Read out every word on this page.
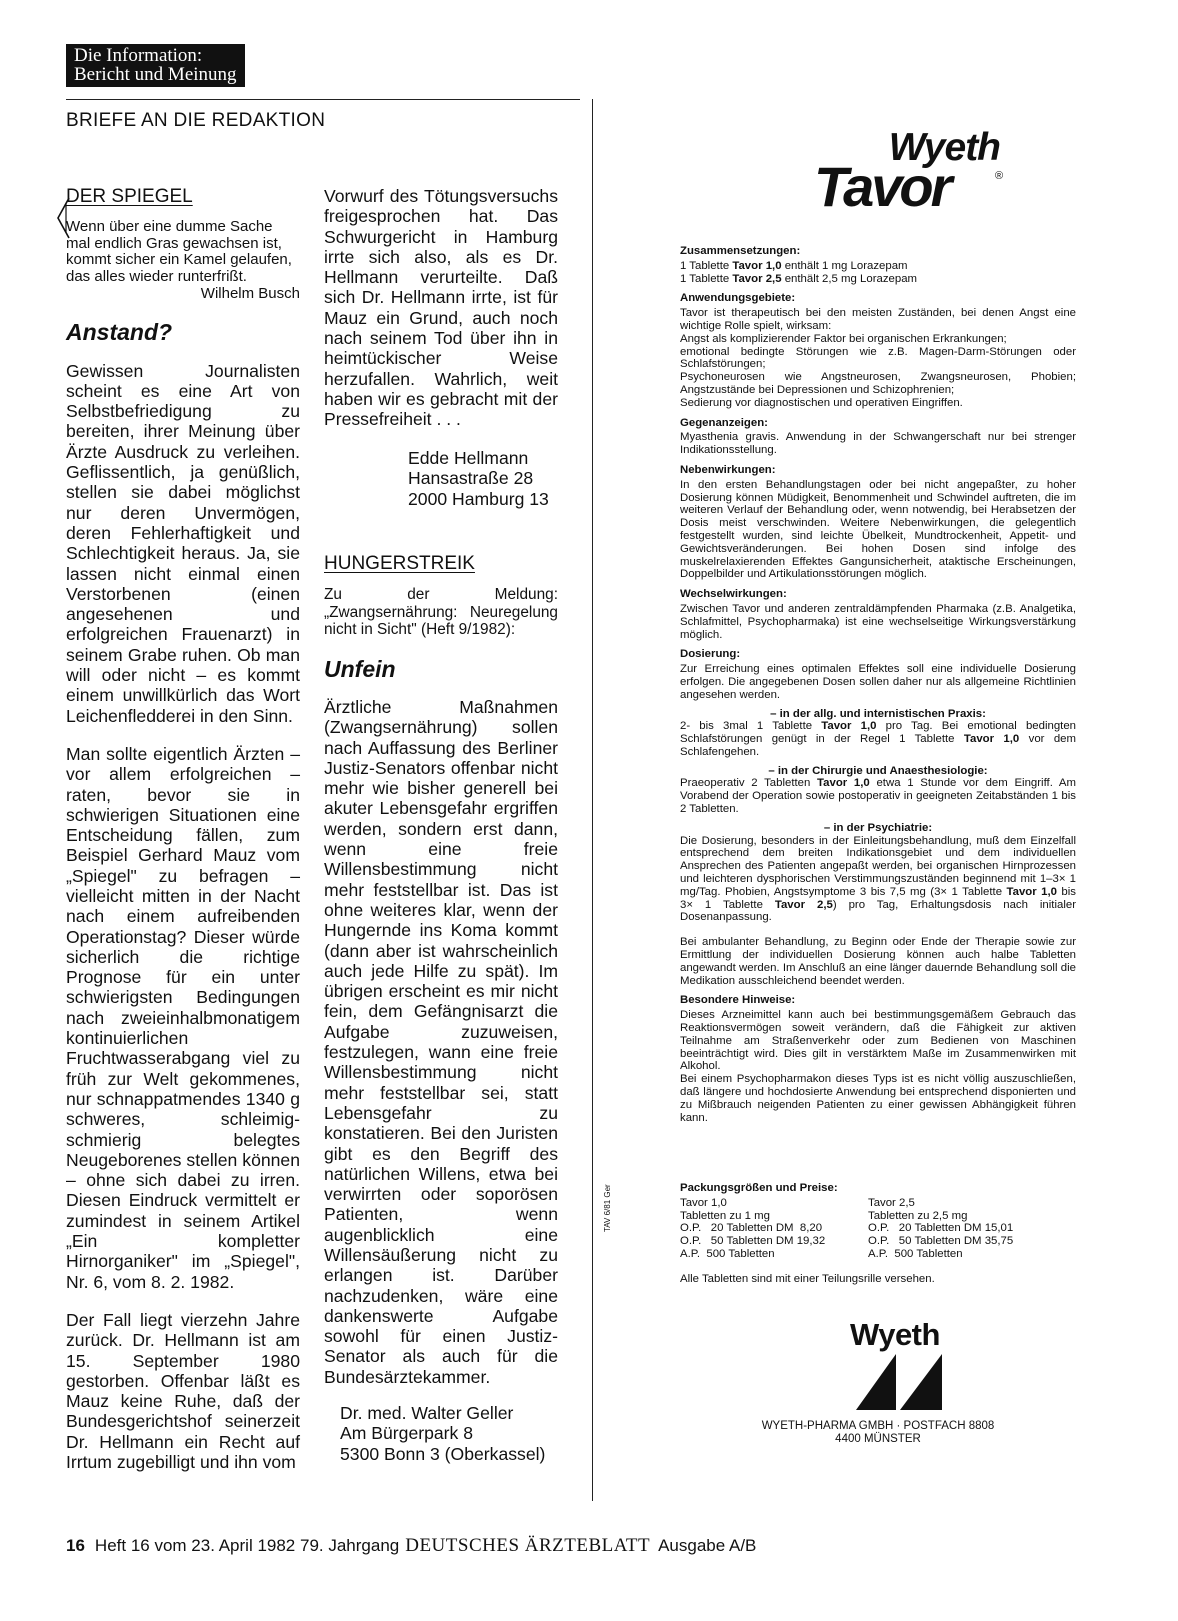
Die Information:
Bericht und Meinung
BRIEFE AN DIE REDAKTION
DER SPIEGEL
Wenn über eine dumme Sache mal endlich Gras gewachsen ist, kommt sicher ein Kamel gelaufen, das alles wieder runterfrißt.
Wilhelm Busch
Anstand?

Gewissen Journalisten scheint es eine Art von Selbstbefriedigung zu bereiten, ihrer Meinung über Ärzte Ausdruck zu verleihen. Geflissentlich, ja genüßlich, stellen sie dabei möglichst nur deren Unvermögen, deren Fehlerhaftigkeit und Schlechtigkeit heraus. Ja, sie lassen nicht einmal einen Verstorbenen (einen angesehenen und erfolgreichen Frauenarzt) in seinem Grabe ruhen. Ob man will oder nicht – es kommt einem unwillkürlich das Wort Leichenfledderei in den Sinn.

Man sollte eigentlich Ärzten – vor allem erfolgreichen – raten, bevor sie in schwierigen Situationen eine Entscheidung fällen, zum Beispiel Gerhard Mauz vom „Spiegel" zu befragen – vielleicht mitten in der Nacht nach einem aufreibenden Operationstag? Dieser würde sicherlich die richtige Prognose für ein unter schwierigsten Bedingungen nach zweieinhalbmonatigem kontinuierlichen Fruchtwasserabgang viel zu früh zur Welt gekommenes, nur schnappatmendes 1340 g schweres, schleimig-schmierig belegtes Neugeborenes stellen können – ohne sich dabei zu irren. Diesen Eindruck vermittelt er zumindest in seinem Artikel „Ein kompletter Hirnorganiker" im „Spiegel", Nr. 6, vom 8. 2. 1982.

Der Fall liegt vierzehn Jahre zurück. Dr. Hellmann ist am 15. September 1980 gestorben. Offenbar läßt es Mauz keine Ruhe, daß der Bundesgerichtshof seinerzeit Dr. Hellmann ein Recht auf Irrtum zugebilligt und ihn vom

Edde Hellmann
Hansastraße 28
2000 Hamburg 13
HUNGERSTREIK
Zu der Meldung: „Zwangsernährung: Neuregelung nicht in Sicht" (Heft 9/1982):
Unfein

Ärztliche Maßnahmen (Zwangsernährung) sollen nach Auffassung des Berliner Justiz-Senators offenbar nicht mehr wie bisher generell bei akuter Lebensgefahr ergriffen werden, sondern erst dann, wenn eine freie Willensbestimmung nicht mehr feststellbar ist. Das ist ohne weiteres klar, wenn der Hungernde ins Koma kommt (dann aber ist wahrscheinlich auch jede Hilfe zu spät). Im übrigen erscheint es mir nicht fein, dem Gefängnisarzt die Aufgabe zuzuweisen, festzulegen, wann eine freie Willensbestimmung nicht mehr feststellbar sei, statt Lebensgefahr zu konstatieren. Bei den Juristen gibt es den Begriff des natürlichen Willens, etwa bei verwirrten oder soporösen Patienten, wenn augenblicklich eine Willensäußerung nicht zu erlangen ist. Darüber nachzudenken, wäre eine dankenswerte Aufgabe sowohl für einen Justiz-Senator als auch für die Bundesärztekammer.

Dr. med. Walter Geller
Am Bürgerpark 8
5300 Bonn 3 (Oberkassel)

Vorwurf des Tötungsversuchs freigesprochen hat. Das Schwurgericht in Hamburg irrte sich also, als es Dr. Hellmann verurteilte. Daß sich Dr. Hellmann irrte, ist für Mauz ein Grund, auch noch nach seinem Tod über ihn in heimtückischer Weise herzufallen. Wahrlich, weit haben wir es gebracht mit der Pressefreiheit . . .

Wyeth
Tavor	®
Zusammensetzungen:
1 Tablette Tavor 1,0 enthält 1 mg Lorazepam
1 Tablette Tavor 2,5 enthält 2,5 mg Lorazepam
Anwendungsgebiete:
Tavor ist therapeutisch bei den meisten Zuständen, bei denen Angst eine wichtige Rolle spielt, wirksam:
Angst als komplizierender Faktor bei organischen Erkrankungen;
emotional bedingte Störungen wie z.B. Magen-Darm-Störungen oder Schlafstörungen;
Psychoneurosen wie Angstneurosen, Zwangsneurosen, Phobien; Angstzustände bei Depressionen und Schizophrenien;
Sedierung vor diagnostischen und operativen Eingriffen.
Gegenanzeigen:
Myasthenia gravis. Anwendung in der Schwangerschaft nur bei strenger Indikationsstellung.
Nebenwirkungen:
In den ersten Behandlungstagen oder bei nicht angepaßter, zu hoher Dosierung können Müdigkeit, Benommenheit und Schwindel auftreten, die im weiteren Verlauf der Behandlung oder, wenn notwendig, bei Herabsetzen der Dosis meist verschwinden. Weitere Nebenwirkungen, die gelegentlich festgestellt wurden, sind leichte Übelkeit, Mundtrockenheit, Appetit- und Gewichtsveränderungen. Bei hohen Dosen sind infolge des muskelrelaxierenden Effektes Gangunsicherheit, ataktische Erscheinungen, Doppelbilder und Artikulationsstörungen möglich.
Wechselwirkungen:
Zwischen Tavor und anderen zentraldämpfenden Pharmaka (z.B. Analgetika, Schlafmittel, Psychopharmaka) ist eine wechselseitige Wirkungsverstärkung möglich.
Dosierung:
Zur Erreichung eines optimalen Effektes soll eine individuelle Dosierung erfolgen. Die angegebenen Dosen sollen daher nur als allgemeine Richtlinien angesehen werden.
– in der allg. und internistischen Praxis:
2- bis 3mal 1 Tablette Tavor 1,0 pro Tag. Bei emotional bedingten Schlafstörungen genügt in der Regel 1 Tablette Tavor 1,0 vor dem Schlafengehen.
– in der Chirurgie und Anaesthesiologie:
Praeoperativ 2 Tabletten Tavor 1,0 etwa 1 Stunde vor dem Eingriff. Am Vorabend der Operation sowie postoperativ in geeigneten Zeitabständen 1 bis 2 Tabletten.
– in der Psychiatrie:
Die Dosierung, besonders in der Einleitungsbehandlung, muß dem Einzelfall entsprechend dem breiten Indikationsgebiet und dem individuellen Ansprechen des Patienten angepaßt werden, bei organischen Hirnprozessen und leichteren dysphorischen Verstimmungszuständen beginnend mit 1–3× 1 mg/Tag. Phobien, Angstsymptome 3 bis 7,5 mg (3× 1 Tablette Tavor 1,0 bis 3× 1 Tablette Tavor 2,5) pro Tag, Erhaltungsdosis nach initialer Dosenanpassung.
Bei ambulanter Behandlung, zu Beginn oder Ende der Therapie sowie zur Ermittlung der individuellen Dosierung können auch halbe Tabletten angewandt werden. Im Anschluß an eine länger dauernde Behandlung soll die Medikation ausschleichend beendet werden.
Besondere Hinweise:
Dieses Arzneimittel kann auch bei bestimmungsgemäßem Gebrauch das Reaktionsvermögen soweit verändern, daß die Fähigkeit zur aktiven Teilnahme am Straßenverkehr oder zum Bedienen von Maschinen beeinträchtigt wird. Dies gilt in verstärktem Maße im Zusammenwirken mit Alkohol.
Bei einem Psychopharmakon dieses Typs ist es nicht völlig auszuschließen, daß längere und hochdosierte Anwendung bei entsprechend disponierten und zu Mißbrauch neigenden Patienten zu einer gewissen Abhängigkeit führen kann.
Packungsgrößen und Preise:
Tavor 1,0
Tabletten zu 1 mg
O.P.   20 Tabletten DM  8,20
O.P.   50 Tabletten DM 19,32
A.P.  500 Tabletten
Tavor 2,5
Tabletten zu 2,5 mg
O.P.   20 Tabletten DM 15,01
O.P.   50 Tabletten DM 35,75
A.P.  500 Tabletten
Alle Tabletten sind mit einer Teilungsrille versehen.
TAV 6/81 Ger
Wyeth
WYETH-PHARMA GMBH · POSTFACH 8808
4400 MÜNSTER
16 Heft 16 vom 23. April 1982 79. Jahrgang DEUTSCHES ÄRZTEBLATT Ausgabe A/B
